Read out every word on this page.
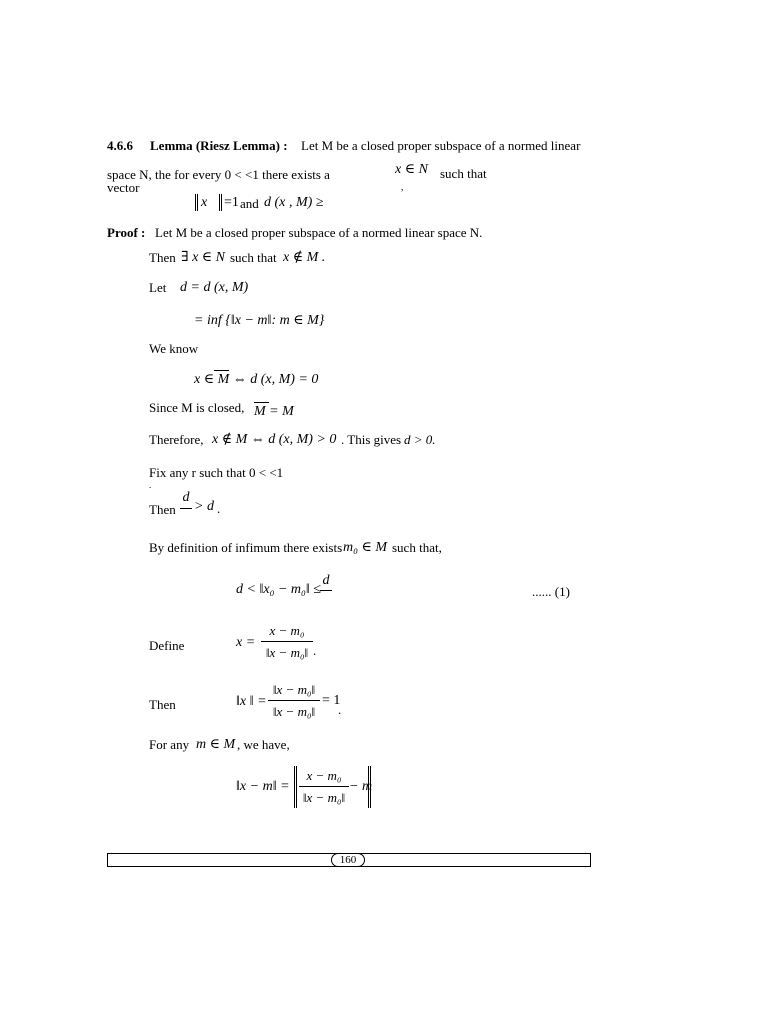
4.6.6 Lemma (Riesz Lemma) : Let M be a closed proper subspace of a normed linear
space N, the for every 0 < <1 there exists a
vector
x ∈ N such that
,
x =1 and d (x , M) ≥
Proof : Let M be a closed proper subspace of a normed linear space N.
Then ∃ x ∈ N such that x ∉ M .
Let d = d (x, M)
= inf {‖x − m‖: m ∈ M}
We know
x ∈ M ⇔ d (x, M) = 0
Since M is closed, M = M
Therefore, x ∉ M ⇔ d (x, M) > 0 . This gives d > 0.
Fix any r such that 0 < <1
.
Then
d
> d .
By definition of infimum there exists m₀ ∈ M such that,
d < ‖x₀ − m₀‖ ≤
d
...... (1)
Define	x =
x − m₀
‖x − m₀‖ .
Then	‖x ‖ =
‖x − m₀‖
‖x − m₀‖
= 1
.
For any m ∈ M , we have,
‖x − m‖ =
x − m₀
‖x − m₀‖
− m
160
